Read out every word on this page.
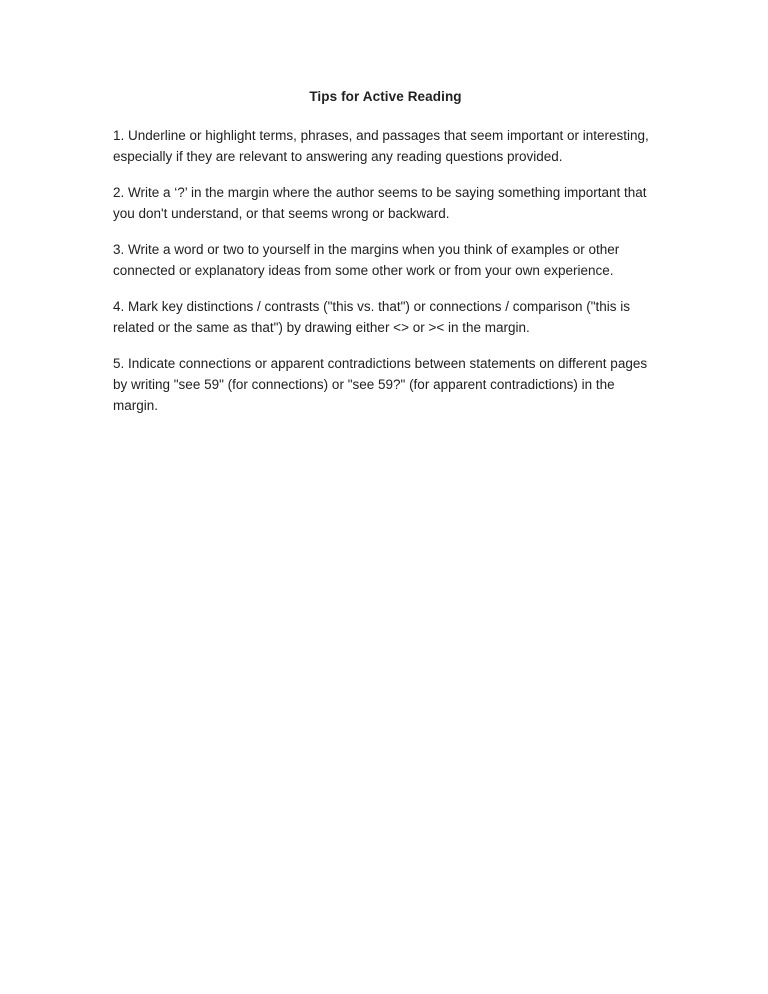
Tips for Active Reading

1. Underline or highlight terms, phrases, and passages that seem important or interesting, especially if they are relevant to answering any reading questions provided.

2. Write a ‘?’ in the margin where the author seems to be saying something important that you don't understand, or that seems wrong or backward.

3. Write a word or two to yourself in the margins when you think of examples or other connected or explanatory ideas from some other work or from your own experience.

4. Mark key distinctions / contrasts ("this vs. that") or connections / comparison ("this is related or the same as that") by drawing either <> or >< in the margin.

5. Indicate connections or apparent contradictions between statements on different pages by writing "see 59" (for connections) or "see 59?" (for apparent contradictions) in the margin.
